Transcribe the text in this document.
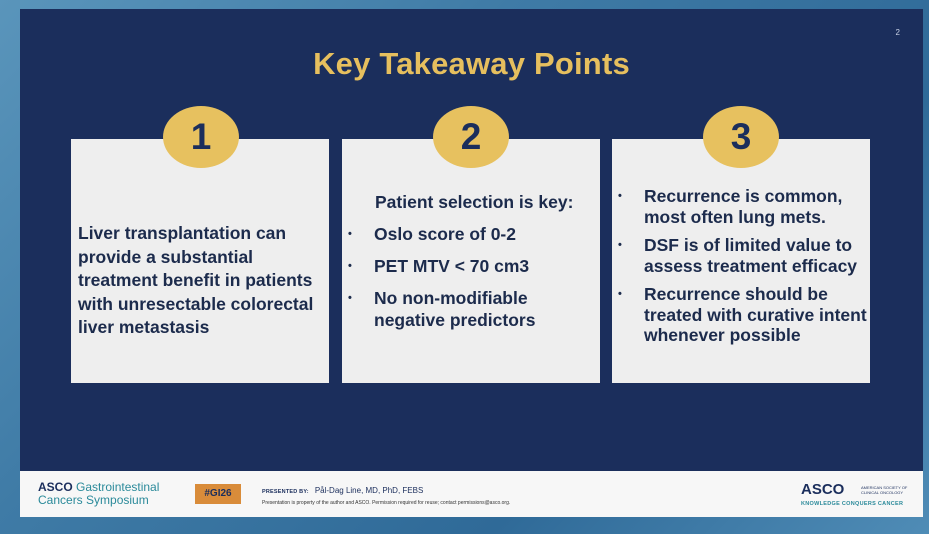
2
Key Takeaway Points
1
Liver transplantation can provide a substantial treatment benefit in patients with unresectable colorectal liver metastasis
2
Patient selection is key:
• Oslo score of 0-2
• PET MTV < 70 cm3
• No non-modifiable negative predictors
3
• Recurrence is common, most often lung mets.
• DSF is of limited value to assess treatment efficacy
• Recurrence should be treated with curative intent whenever possible
ASCO Gastrointestinal
Cancers Symposium	#GI26	PRESENTED BY: Pål-Dag Line, MD, PhD, FEBS
Presentation is property of the author and ASCO. Permission required for reuse; contact permissions@asco.org.
ASCO	AMERICAN SOCIETY OF CLINICAL ONCOLOGY
KNOWLEDGE CONQUERS CANCER
